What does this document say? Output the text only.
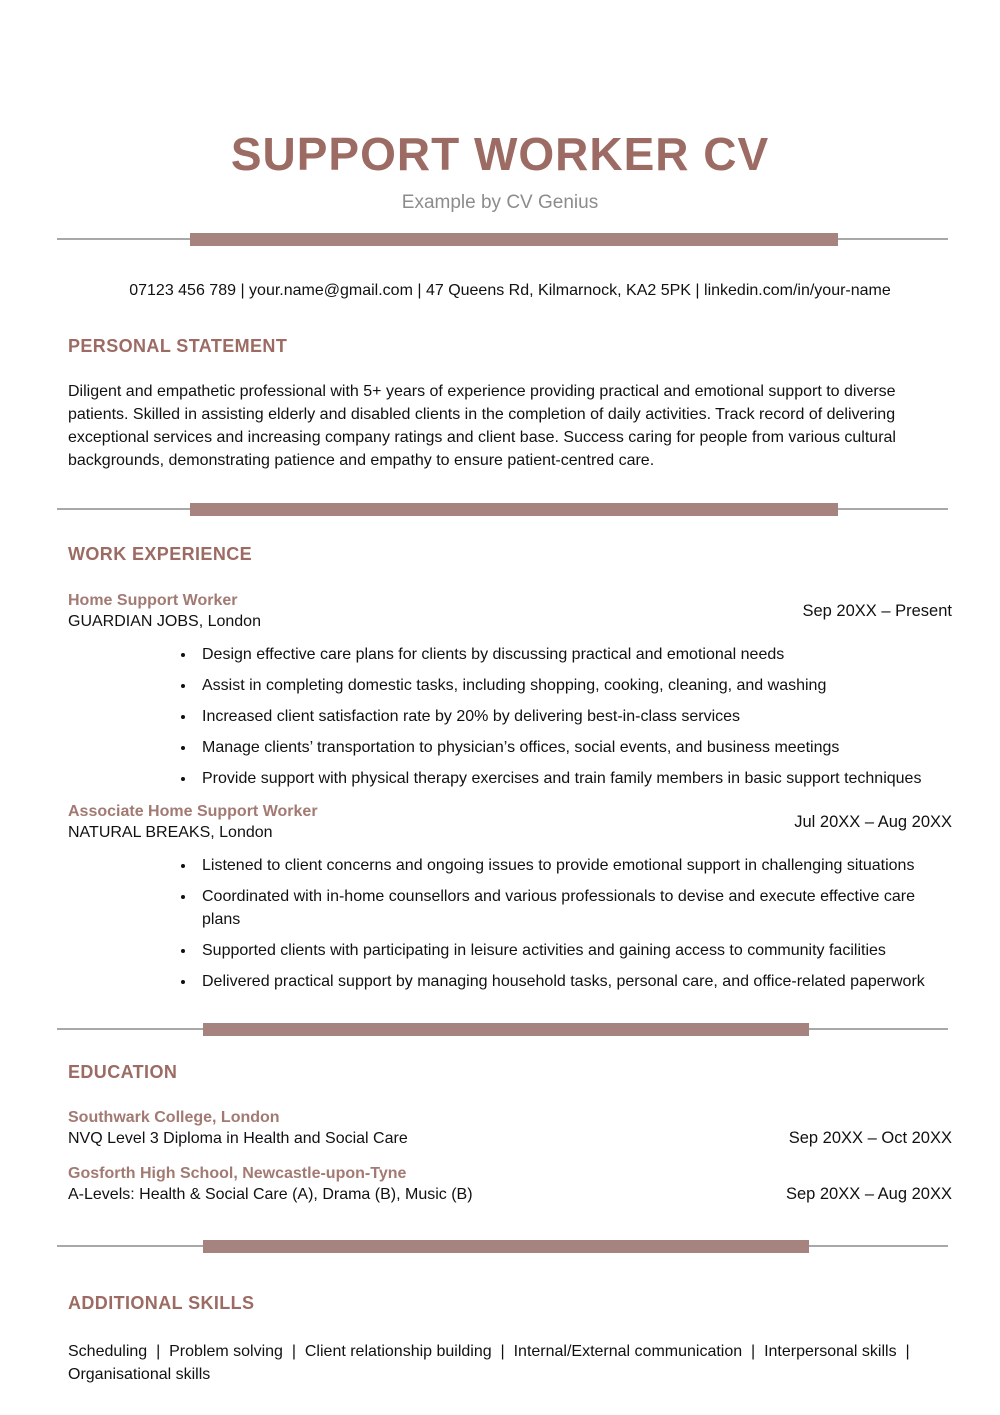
SUPPORT WORKER CV
Example by CV Genius
07123 456 789 | your.name@gmail.com | 47 Queens Rd, Kilmarnock, KA2 5PK | linkedin.com/in/your-name
PERSONAL STATEMENT

Diligent and empathetic professional with 5+ years of experience providing practical and emotional support to diverse patients. Skilled in assisting elderly and disabled clients in the completion of daily activities. Track record of delivering exceptional services and increasing company ratings and client base. Success caring for people from various cultural backgrounds, demonstrating patience and empathy to ensure patient-centred care.

WORK EXPERIENCE
Home Support Worker
GUARDIAN JOBS, London
Sep 20XX – Present
• Design effective care plans for clients by discussing practical and emotional needs
• Assist in completing domestic tasks, including shopping, cooking, cleaning, and washing
• Increased client satisfaction rate by 20% by delivering best-in-class services
• Manage clients’ transportation to physician’s offices, social events, and business meetings
• Provide support with physical therapy exercises and train family members in basic support techniques
Associate Home Support Worker
NATURAL BREAKS, London
Jul 20XX – Aug 20XX
• Listened to client concerns and ongoing issues to provide emotional support in challenging situations
• Coordinated with in-home counsellors and various professionals to devise and execute effective care plans
• Supported clients with participating in leisure activities and gaining access to community facilities
• Delivered practical support by managing household tasks, personal care, and office-related paperwork
EDUCATION
Southwark College, London
NVQ Level 3 Diploma in Health and Social Care	Sep 20XX – Oct 20XX
Gosforth High School, Newcastle-upon-Tyne
A-Levels: Health & Social Care (A), Drama (B), Music (B)	Sep 20XX – Aug 20XX
ADDITIONAL SKILLS

Scheduling  |  Problem solving  |  Client relationship building  |  Internal/External communication  |  Interpersonal skills  |  Organisational skills
